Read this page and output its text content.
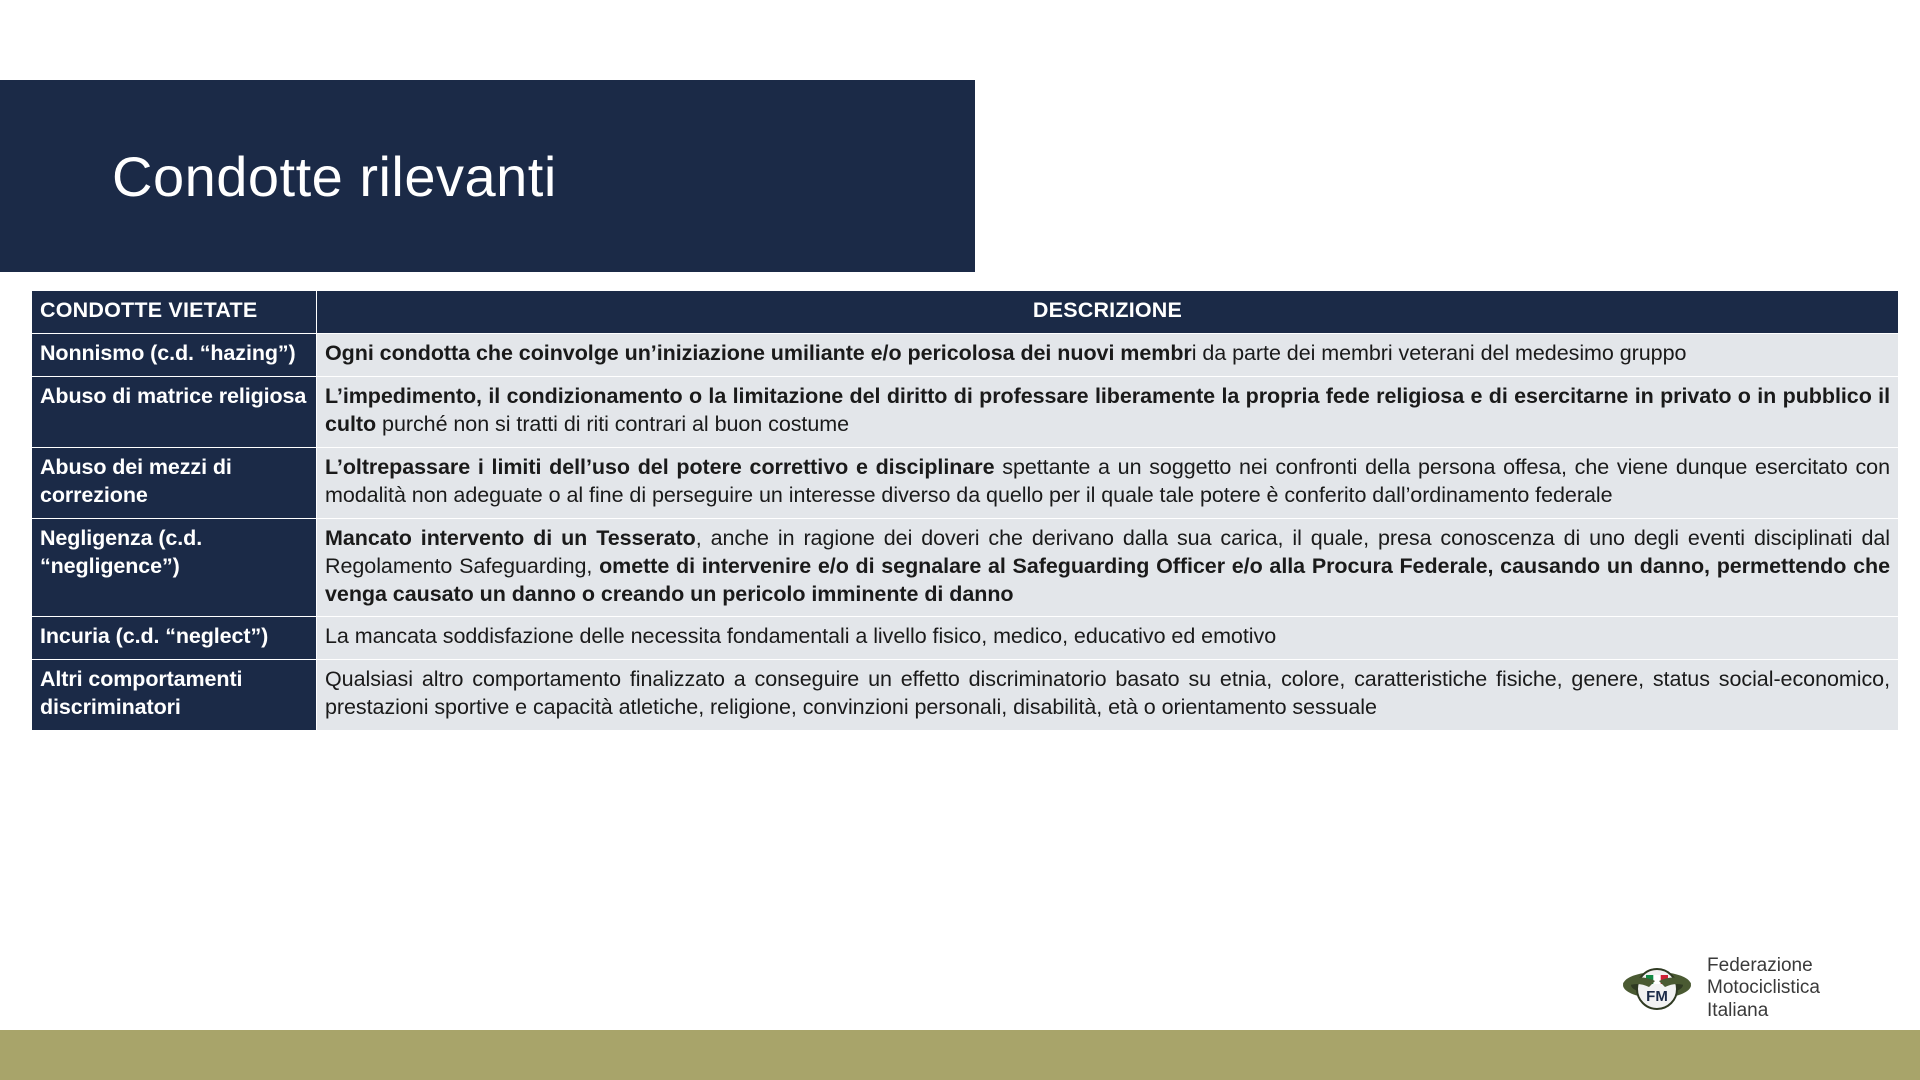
Condotte rilevanti
CONDOTTE VIETATE	DESCRIZIONE
Nonnismo (c.d. “hazing”)	Ogni condotta che coinvolge un’iniziazione umiliante e/o pericolosa dei nuovi membri da parte dei membri veterani del medesimo gruppo
Abuso di matrice religiosa	L’impedimento, il condizionamento o la limitazione del diritto di professare liberamente la propria fede religiosa e di esercitarne in privato o in pubblico il culto purché non si tratti di riti contrari al buon costume
Abuso dei mezzi di correzione	L’oltrepassare i limiti dell’uso del potere correttivo e disciplinare spettante a un soggetto nei confronti della persona offesa, che viene dunque esercitato con modalità non adeguate o al fine di perseguire un interesse diverso da quello per il quale tale potere è conferito dall’ordinamento federale
Negligenza (c.d. “negligence”)	Mancato intervento di un Tesserato, anche in ragione dei doveri che derivano dalla sua carica, il quale, presa conoscenza di uno degli eventi disciplinati dal Regolamento Safeguarding, omette di intervenire e/o di segnalare al Safeguarding Officer e/o alla Procura Federale, causando un danno, permettendo che venga causato un danno o creando un pericolo imminente di danno
Incuria (c.d. “neglect”)	La mancata soddisfazione delle necessita fondamentali a livello fisico, medico, educativo ed emotivo
Altri comportamenti discriminatori	Qualsiasi altro comportamento finalizzato a conseguire un effetto discriminatorio basato su etnia, colore, caratteristiche fisiche, genere, status social-economico, prestazioni sportive e capacità atletiche, religione, convinzioni personali, disabilità, età o orientamento sessuale
FM
Federazione
Motociclistica
Italiana
